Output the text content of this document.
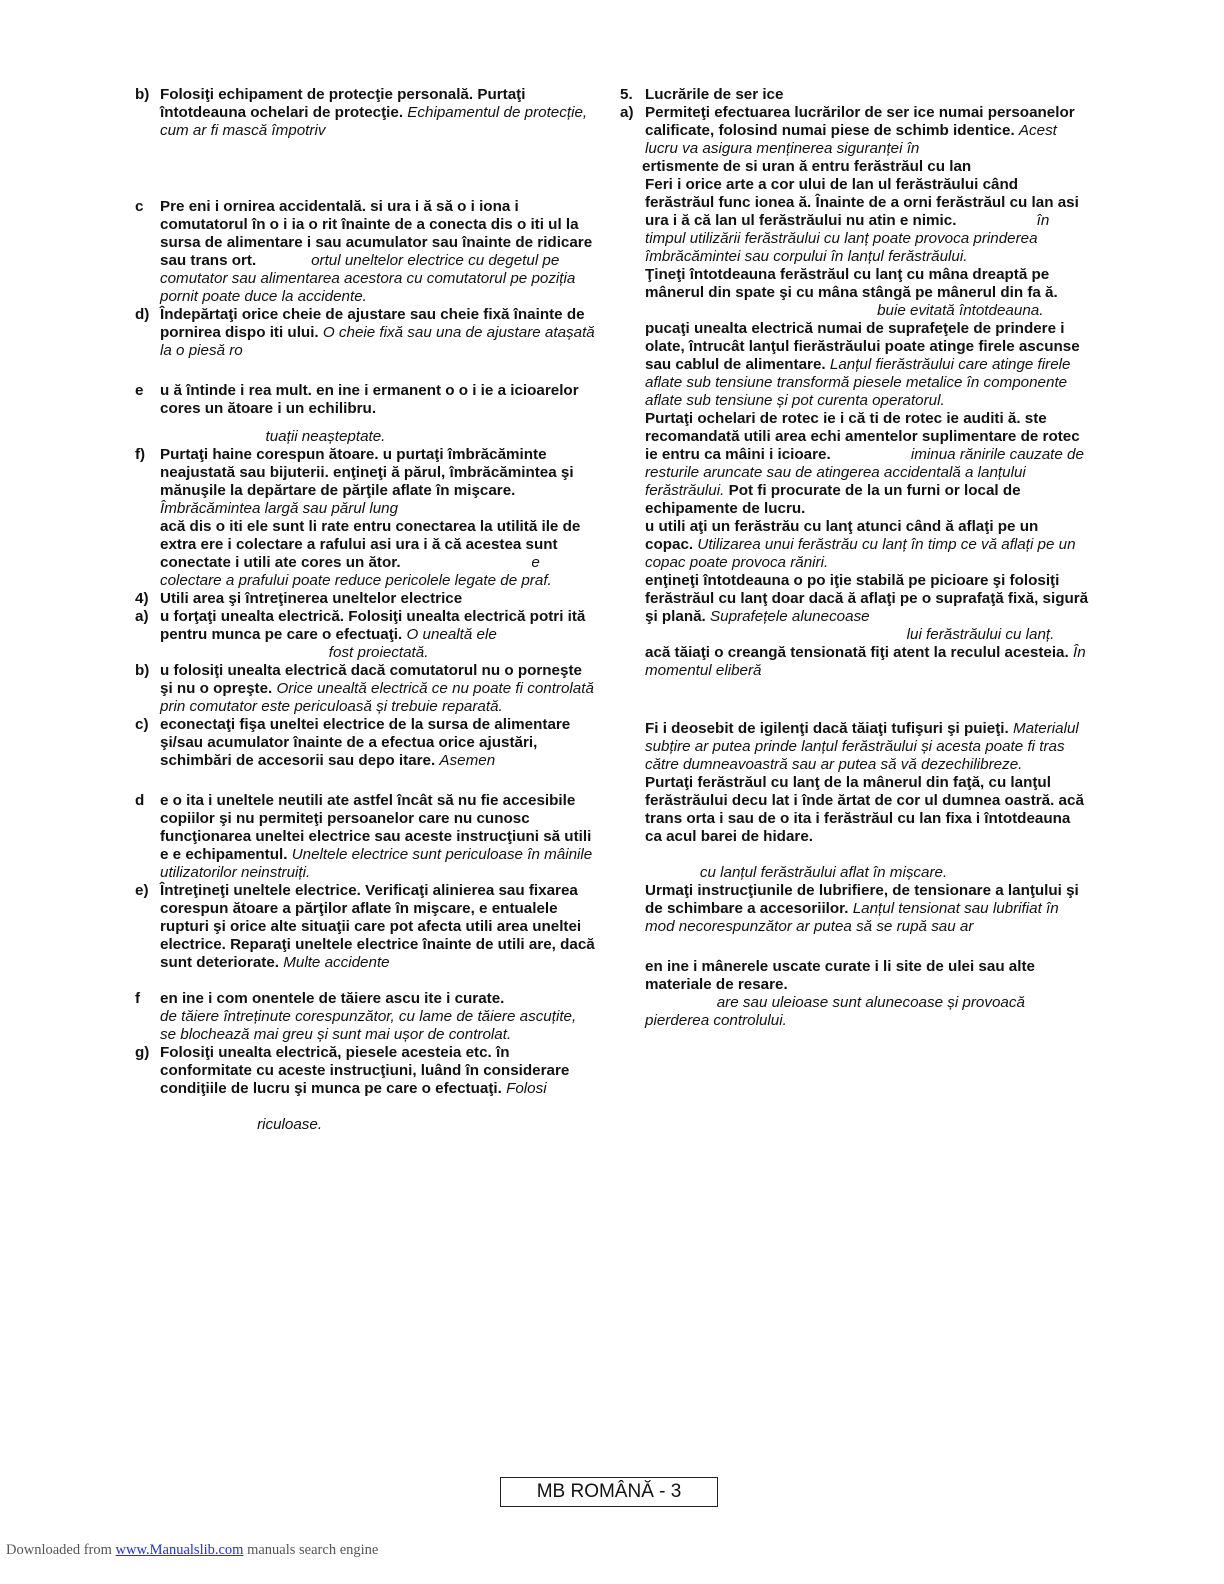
b) Folosiţi echipament de protecţie personală. Purtaţi întotdeauna ochelari de protecţie. Echipamentul de protecție, cum ar fi mască împotriv
c	Pre eni i ornirea accidentală. si ura i ă să o i iona i comutatorul în o i ia o rit înainte de a conecta dis o iti ul la sursa de alimentare i sau acumulator sau înainte de ridicare sau trans ort.             ortul uneltelor electrice cu degetul pe comutator sau alimentarea acestora cu comutatorul pe poziția pornit poate duce la accidente.
d) Îndepărtaţi orice cheie de ajustare sau cheie fixă înainte de pornirea dispo iti ului. O cheie fixă sau una de ajustare atașată la o piesă ro
e	u ă întinde i rea mult. en ine i ermanent o o i ie a icioarelor cores un ătoare i un echilibru.
tuații neașteptate.
f) Purtaţi haine corespun ătoare. u purtaţi îmbrăcăminte neajustată sau bijuterii. enţineţi ă părul, îmbrăcămintea şi mănuşile la depărtare de părţile aflate în mişcare. Îmbrăcămintea largă sau părul lung
acă dis o iti ele sunt li rate entru conectarea la utilită ile de extra ere i colectare a rafului asi ura i ă că acestea sunt conectate i utili ate cores un ător.                               e colectare a prafului poate reduce pericolele legate de praf.
4) Utili area şi întreţinerea uneltelor electrice
a) u forţaţi unealta electrică. Folosiţi unealta electrică potri ită pentru munca pe care o efectuaţi. O unealtă ele
fost proiectată.
b) u folosiţi unealta electrică dacă comutatorul nu o porneşte şi nu o opreşte. Orice unealtă electrică ce nu poate fi controlată prin comutator este periculoasă și trebuie reparată.
c) econectaţi fişa uneltei electrice de la sursa de alimentare şi/sau acumulator înainte de a efectua orice ajustări, schimbări de accesorii sau depo itare. Asemen
d	e o ita i uneltele neutili ate astfel încât să nu fie accesibile copiilor şi nu permiteţi persoanelor care nu cunosc funcţionarea uneltei electrice sau aceste instrucţiuni să utili e e echipamentul. Uneltele electrice sunt periculoase în mâinile utilizatorilor neinstruiți.
e) Întreţineţi uneltele electrice. Verificaţi alinierea sau fixarea corespun ătoare a părţilor aflate în mişcare, e entualele rupturi şi orice alte situaţii care pot afecta utili area uneltei electrice. Reparaţi uneltele electrice înainte de utili are, dacă sunt deteriorate. Multe accidente
f	en ine i com onentele de tăiere ascu ite i curate.                  de tăiere întreținute corespunzător, cu lame de tăiere ascuțite, se blochează mai greu și sunt mai ușor de controlat.
g) Folosiţi unealta electrică, piesele acesteia etc. în conformitate cu aceste instrucţiuni, luând în considerare condiţiile de lucru şi munca pe care o efectuaţi. Folosi
riculoase.
5. Lucrările de ser ice
a) Permiteţi efectuarea lucrărilor de ser ice numai persoanelor calificate, folosind numai piese de schimb identice. Acest lucru va asigura menținerea siguranței în
ertismente de si uran ă entru ferăstrăul cu lan
Feri i orice arte a cor ului de lan ul ferăstrăului când ferăstrăul func ionea ă. Înainte de a orni ferăstrăul cu lan asi ura i ă că lan ul ferăstrăului nu atin e nimic.                   în timpul utilizării ferăstrăului cu lanț poate provoca prinderea îmbrăcămintei sau corpului în lanțul ferăstrăului.
Ţineţi întotdeauna ferăstrăul cu lanţ cu mâna dreaptă pe mânerul din spate şi cu mâna stângă pe mânerul din fa ă.
buie evitată întotdeauna.
pucaţi unealta electrică numai de suprafeţele de prindere i olate, întrucât lanţul fierăstrăului poate atinge firele ascunse sau cablul de alimentare. Lanțul fierăstrăului care atinge firele aflate sub tensiune transformă piesele metalice în componente aflate sub tensiune și pot curenta operatorul.
Purtaţi ochelari de rotec ie i că ti de rotec ie auditi ă. ste recomandată utili area echi amentelor suplimentare de rotec ie entru ca mâini i icioare.                   iminua rănirile cauzate de resturile aruncate sau de atingerea accidentală a lanțului ferăstrăului. Pot fi procurate de la un furni or local de echipamente de lucru.
u utili aţi un ferăstrău cu lanţ atunci când ă aflaţi pe un copac. Utilizarea unui ferăstrău cu lanț în timp ce vă aflați pe un copac poate provoca răniri.
enţineţi întotdeauna o po iţie stabilă pe picioare şi folosiţi ferăstrăul cu lanţ doar dacă ă aflaţi pe o suprafaţă fixă, sigură şi plană. Suprafețele alunecoase
lui ferăstrăului cu lanț.
acă tăiaţi o creangă tensionată fiţi atent la reculul acesteia. În momentul eliberă
Fi i deosebit de igilenţi dacă tăiaţi tufişuri şi puieţi. Materialul subțire ar putea prinde lanțul ferăstrăului și acesta poate fi tras către dumneavoastră sau ar putea să vă dezechilibreze.
Purtaţi ferăstrăul cu lanţ de la mânerul din faţă, cu lanţul ferăstrăului decu lat i înde ărtat de cor ul dumnea oastră. acă trans orta i sau de o ita i ferăstrăul cu lan fixa i întotdeauna ca acul barei de hidare.
cu lanțul ferăstrăului aflat în mișcare.
Urmaţi instrucţiunile de lubrifiere, de tensionare a lanţului şi de schimbare a accesoriilor. Lanțul tensionat sau lubrifiat în mod necorespunzător ar putea să se rupă sau ar
en ine i mânerele uscate curate i li site de ulei sau alte materiale de resare.
are sau uleioase sunt alunecoase și provoacă pierderea controlului.
MB ROMÂNĂ - 3
Downloaded from www.Manualslib.com manuals search engine
